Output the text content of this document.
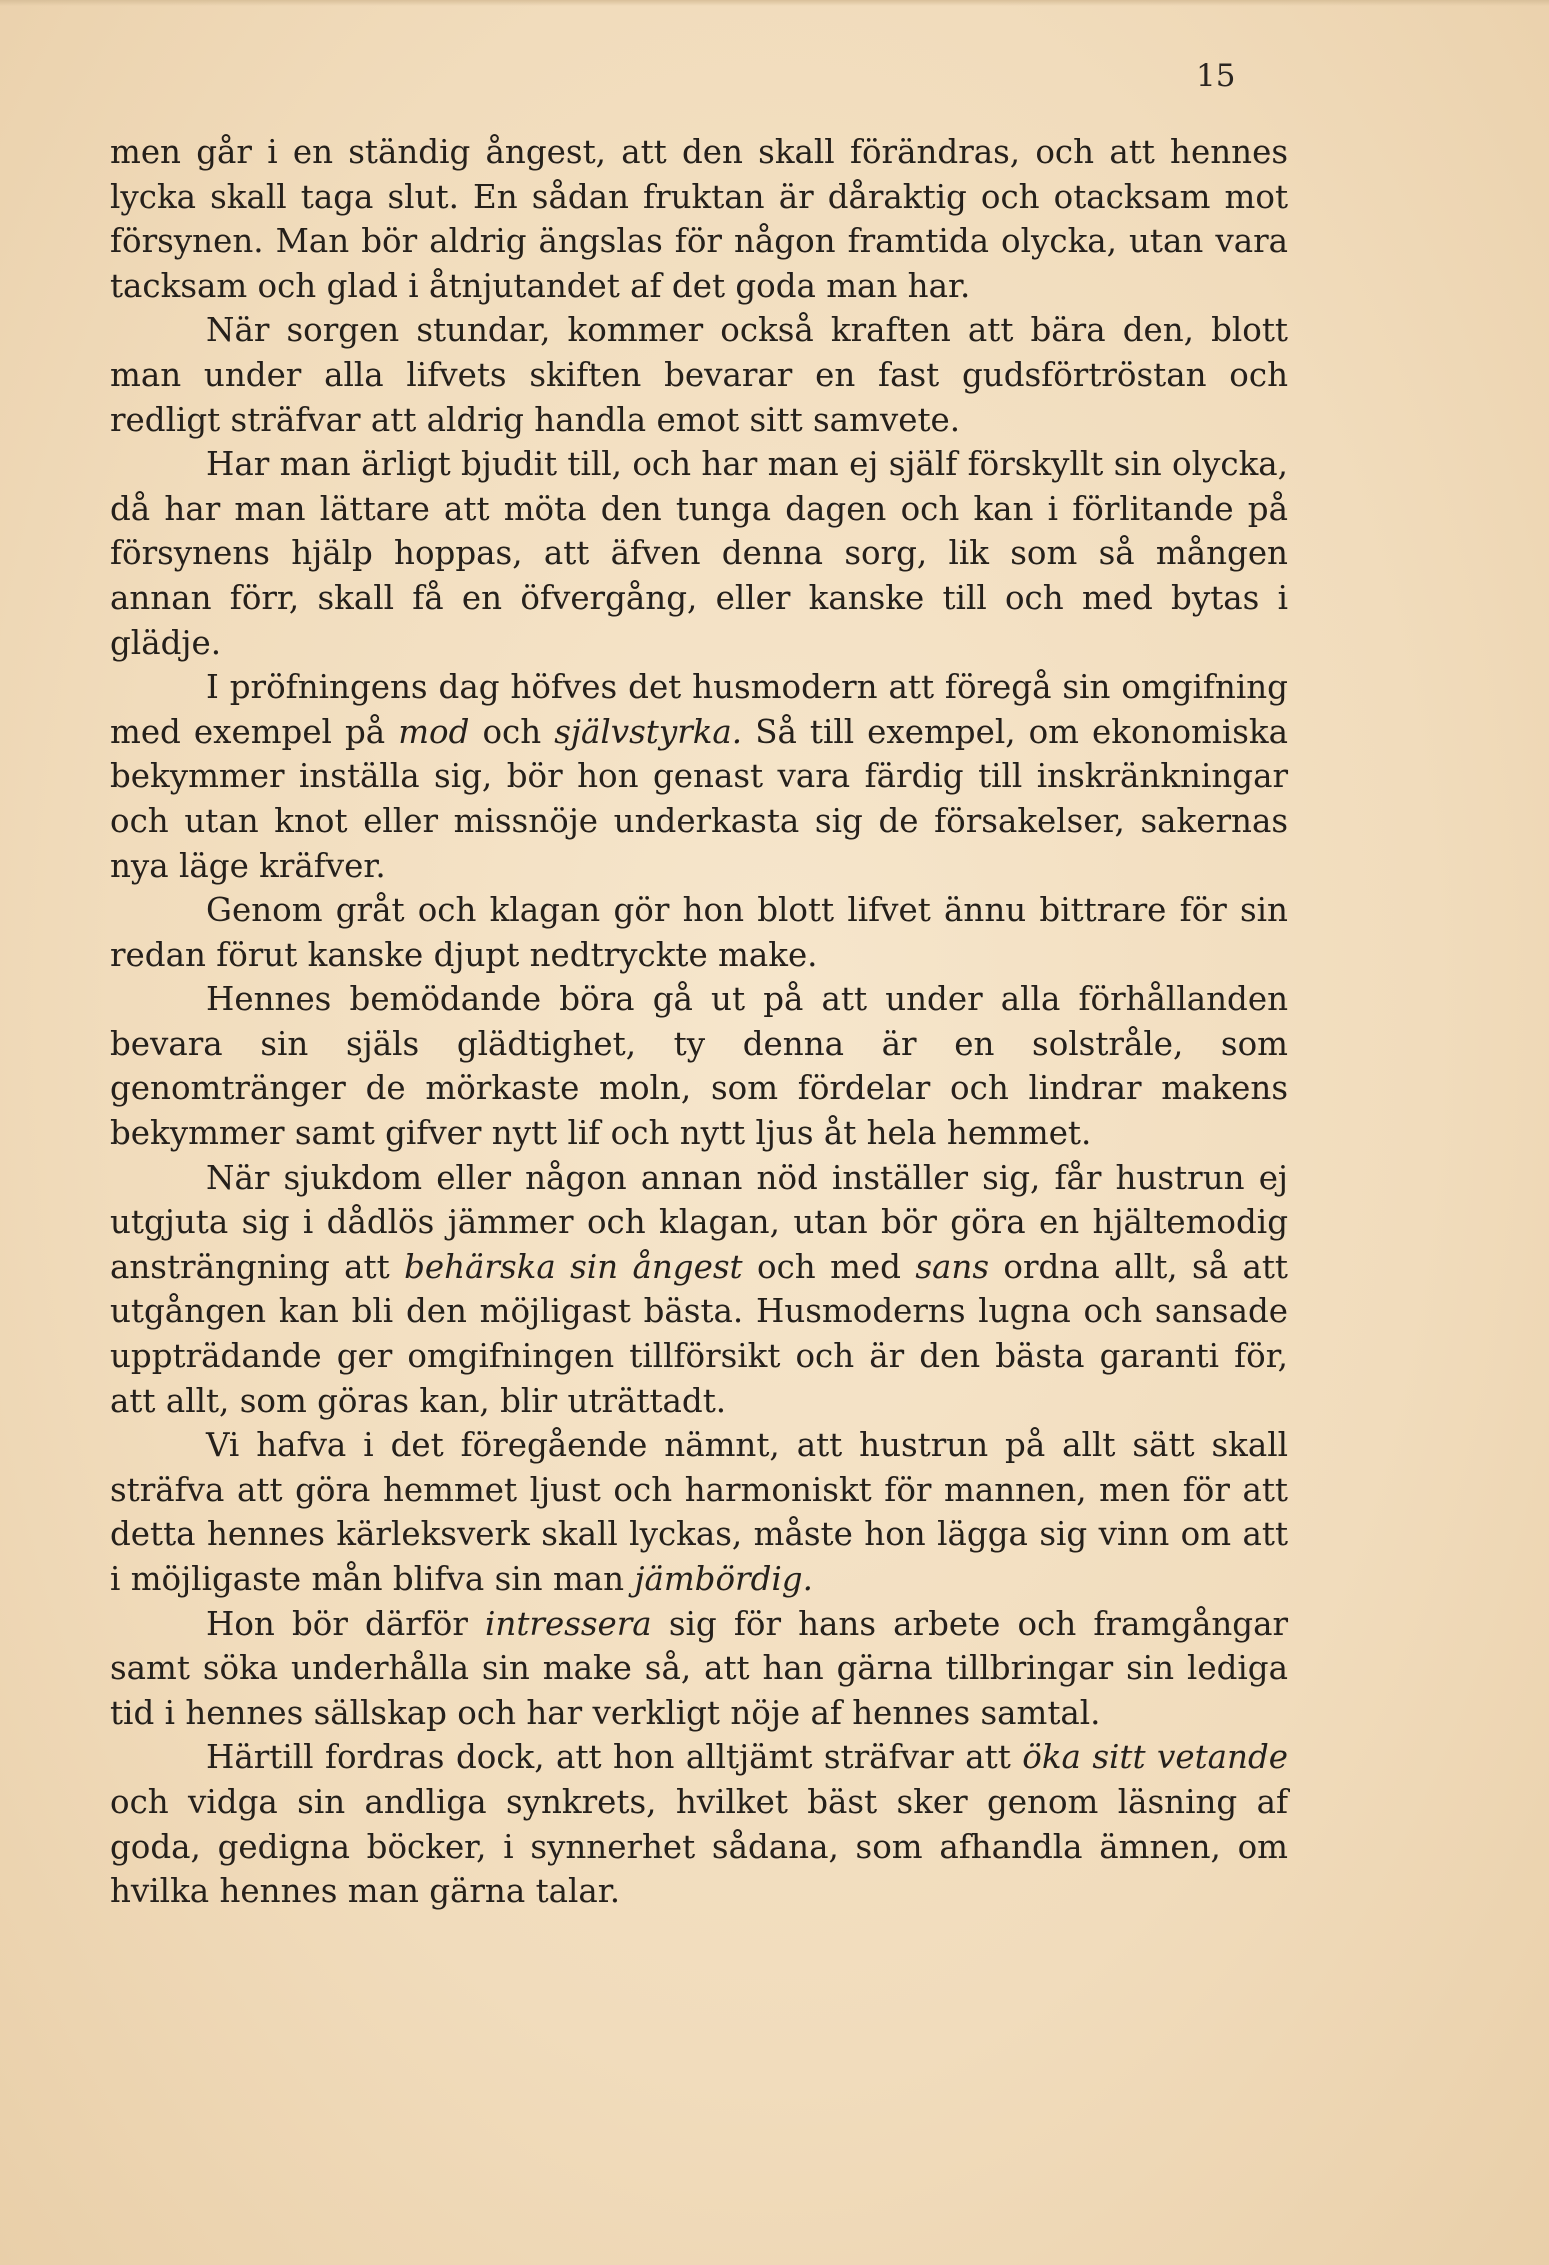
15

men går i en ständig ångest, att den skall förändras, och att hennes lycka skall taga slut. En sådan fruktan är dåraktig och otacksam mot försynen. Man bör aldrig ängslas för någon framtida olycka, utan vara tacksam och glad i åtnjutandet af det goda man har.

När sorgen stundar, kommer också kraften att bära den, blott man under alla lifvets skiften bevarar en fast gudsförtröstan och redligt sträfvar att aldrig handla emot sitt samvete.

Har man ärligt bjudit till, och har man ej själf förskyllt sin olycka, då har man lättare att möta den tunga dagen och kan i förlitande på försynens hjälp hoppas, att äfven denna sorg, lik som så mången annan förr, skall få en öfvergång, eller kanske till och med bytas i glädje.

I pröfningens dag höfves det husmodern att föregå sin omgifning med exempel på mod och självstyrka. Så till exempel, om ekonomiska bekymmer inställa sig, bör hon genast vara färdig till inskränkningar och utan knot eller missnöje underkasta sig de försakelser, sakernas nya läge kräfver.

Genom gråt och klagan gör hon blott lifvet ännu bittrare för sin redan förut kanske djupt nedtryckte make.

Hennes bemödande böra gå ut på att under alla förhållanden bevara sin själs glädtighet, ty denna är en solstråle, som genomtränger de mörkaste moln, som fördelar och lindrar makens bekymmer samt gifver nytt lif och nytt ljus åt hela hemmet.

När sjukdom eller någon annan nöd inställer sig, får hustrun ej utgjuta sig i dådlös jämmer och klagan, utan bör göra en hjältemodig ansträngning att behärska sin ångest och med sans ordna allt, så att utgången kan bli den möjligast bästa. Husmoderns lugna och sansade uppträdande ger omgifningen tillförsikt och är den bästa garanti för, att allt, som göras kan, blir uträttadt.

Vi hafva i det föregående nämnt, att hustrun på allt sätt skall sträfva att göra hemmet ljust och harmoniskt för mannen, men för att detta hennes kärleksverk skall lyckas, måste hon lägga sig vinn om att i möjligaste mån blifva sin man jämbördig.

Hon bör därför intressera sig för hans arbete och framgångar samt söka underhålla sin make så, att han gärna tillbringar sin lediga tid i hennes sällskap och har verkligt nöje af hennes samtal.

Härtill fordras dock, att hon alltjämt sträfvar att öka sitt vetande och vidga sin andliga synkrets, hvilket bäst sker genom läsning af goda, gedigna böcker, i synnerhet sådana, som afhandla ämnen, om hvilka hennes man gärna talar.
